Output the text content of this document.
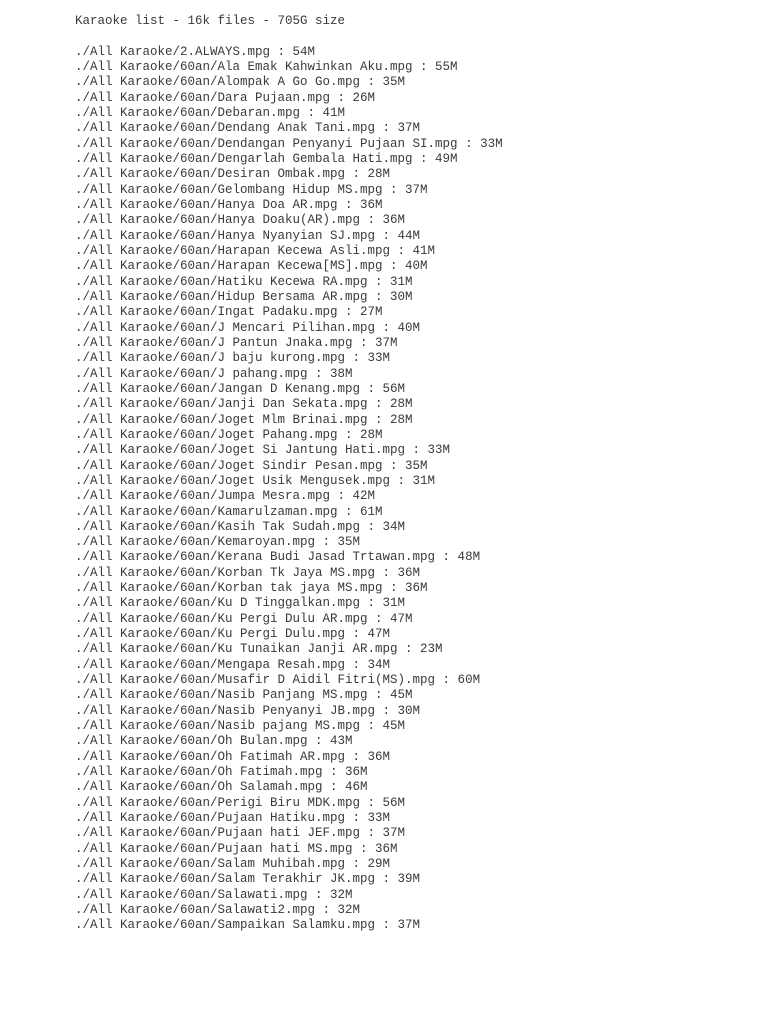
Karaoke list - 16k files - 705G size
./All Karaoke/2.ALWAYS.mpg : 54M
./All Karaoke/60an/Ala Emak Kahwinkan Aku.mpg : 55M
./All Karaoke/60an/Alompak A Go Go.mpg : 35M
./All Karaoke/60an/Dara Pujaan.mpg : 26M
./All Karaoke/60an/Debaran.mpg : 41M
./All Karaoke/60an/Dendang Anak Tani.mpg : 37M
./All Karaoke/60an/Dendangan Penyanyi Pujaan SI.mpg : 33M
./All Karaoke/60an/Dengarlah Gembala Hati.mpg : 49M
./All Karaoke/60an/Desiran Ombak.mpg : 28M
./All Karaoke/60an/Gelombang Hidup MS.mpg : 37M
./All Karaoke/60an/Hanya Doa AR.mpg : 36M
./All Karaoke/60an/Hanya Doaku(AR).mpg : 36M
./All Karaoke/60an/Hanya Nyanyian SJ.mpg : 44M
./All Karaoke/60an/Harapan Kecewa Asli.mpg : 41M
./All Karaoke/60an/Harapan Kecewa[MS].mpg : 40M
./All Karaoke/60an/Hatiku Kecewa RA.mpg : 31M
./All Karaoke/60an/Hidup Bersama AR.mpg : 30M
./All Karaoke/60an/Ingat Padaku.mpg : 27M
./All Karaoke/60an/J Mencari Pilihan.mpg : 40M
./All Karaoke/60an/J Pantun Jnaka.mpg : 37M
./All Karaoke/60an/J baju kurong.mpg : 33M
./All Karaoke/60an/J pahang.mpg : 38M
./All Karaoke/60an/Jangan D Kenang.mpg : 56M
./All Karaoke/60an/Janji Dan Sekata.mpg : 28M
./All Karaoke/60an/Joget Mlm Brinai.mpg : 28M
./All Karaoke/60an/Joget Pahang.mpg : 28M
./All Karaoke/60an/Joget Si Jantung Hati.mpg : 33M
./All Karaoke/60an/Joget Sindir Pesan.mpg : 35M
./All Karaoke/60an/Joget Usik Mengusek.mpg : 31M
./All Karaoke/60an/Jumpa Mesra.mpg : 42M
./All Karaoke/60an/Kamarulzaman.mpg : 61M
./All Karaoke/60an/Kasih Tak Sudah.mpg : 34M
./All Karaoke/60an/Kemaroyan.mpg : 35M
./All Karaoke/60an/Kerana Budi Jasad Trtawan.mpg : 48M
./All Karaoke/60an/Korban Tk Jaya MS.mpg : 36M
./All Karaoke/60an/Korban tak jaya MS.mpg : 36M
./All Karaoke/60an/Ku D Tinggalkan.mpg : 31M
./All Karaoke/60an/Ku Pergi Dulu AR.mpg : 47M
./All Karaoke/60an/Ku Pergi Dulu.mpg : 47M
./All Karaoke/60an/Ku Tunaikan Janji AR.mpg : 23M
./All Karaoke/60an/Mengapa Resah.mpg : 34M
./All Karaoke/60an/Musafir D Aidil Fitri(MS).mpg : 60M
./All Karaoke/60an/Nasib Panjang MS.mpg : 45M
./All Karaoke/60an/Nasib Penyanyi JB.mpg : 30M
./All Karaoke/60an/Nasib pajang MS.mpg : 45M
./All Karaoke/60an/Oh Bulan.mpg : 43M
./All Karaoke/60an/Oh Fatimah AR.mpg : 36M
./All Karaoke/60an/Oh Fatimah.mpg : 36M
./All Karaoke/60an/Oh Salamah.mpg : 46M
./All Karaoke/60an/Perigi Biru MDK.mpg : 56M
./All Karaoke/60an/Pujaan Hatiku.mpg : 33M
./All Karaoke/60an/Pujaan hati JEF.mpg : 37M
./All Karaoke/60an/Pujaan hati MS.mpg : 36M
./All Karaoke/60an/Salam Muhibah.mpg : 29M
./All Karaoke/60an/Salam Terakhir JK.mpg : 39M
./All Karaoke/60an/Salawati.mpg : 32M
./All Karaoke/60an/Salawati2.mpg : 32M
./All Karaoke/60an/Sampaikan Salamku.mpg : 37M
